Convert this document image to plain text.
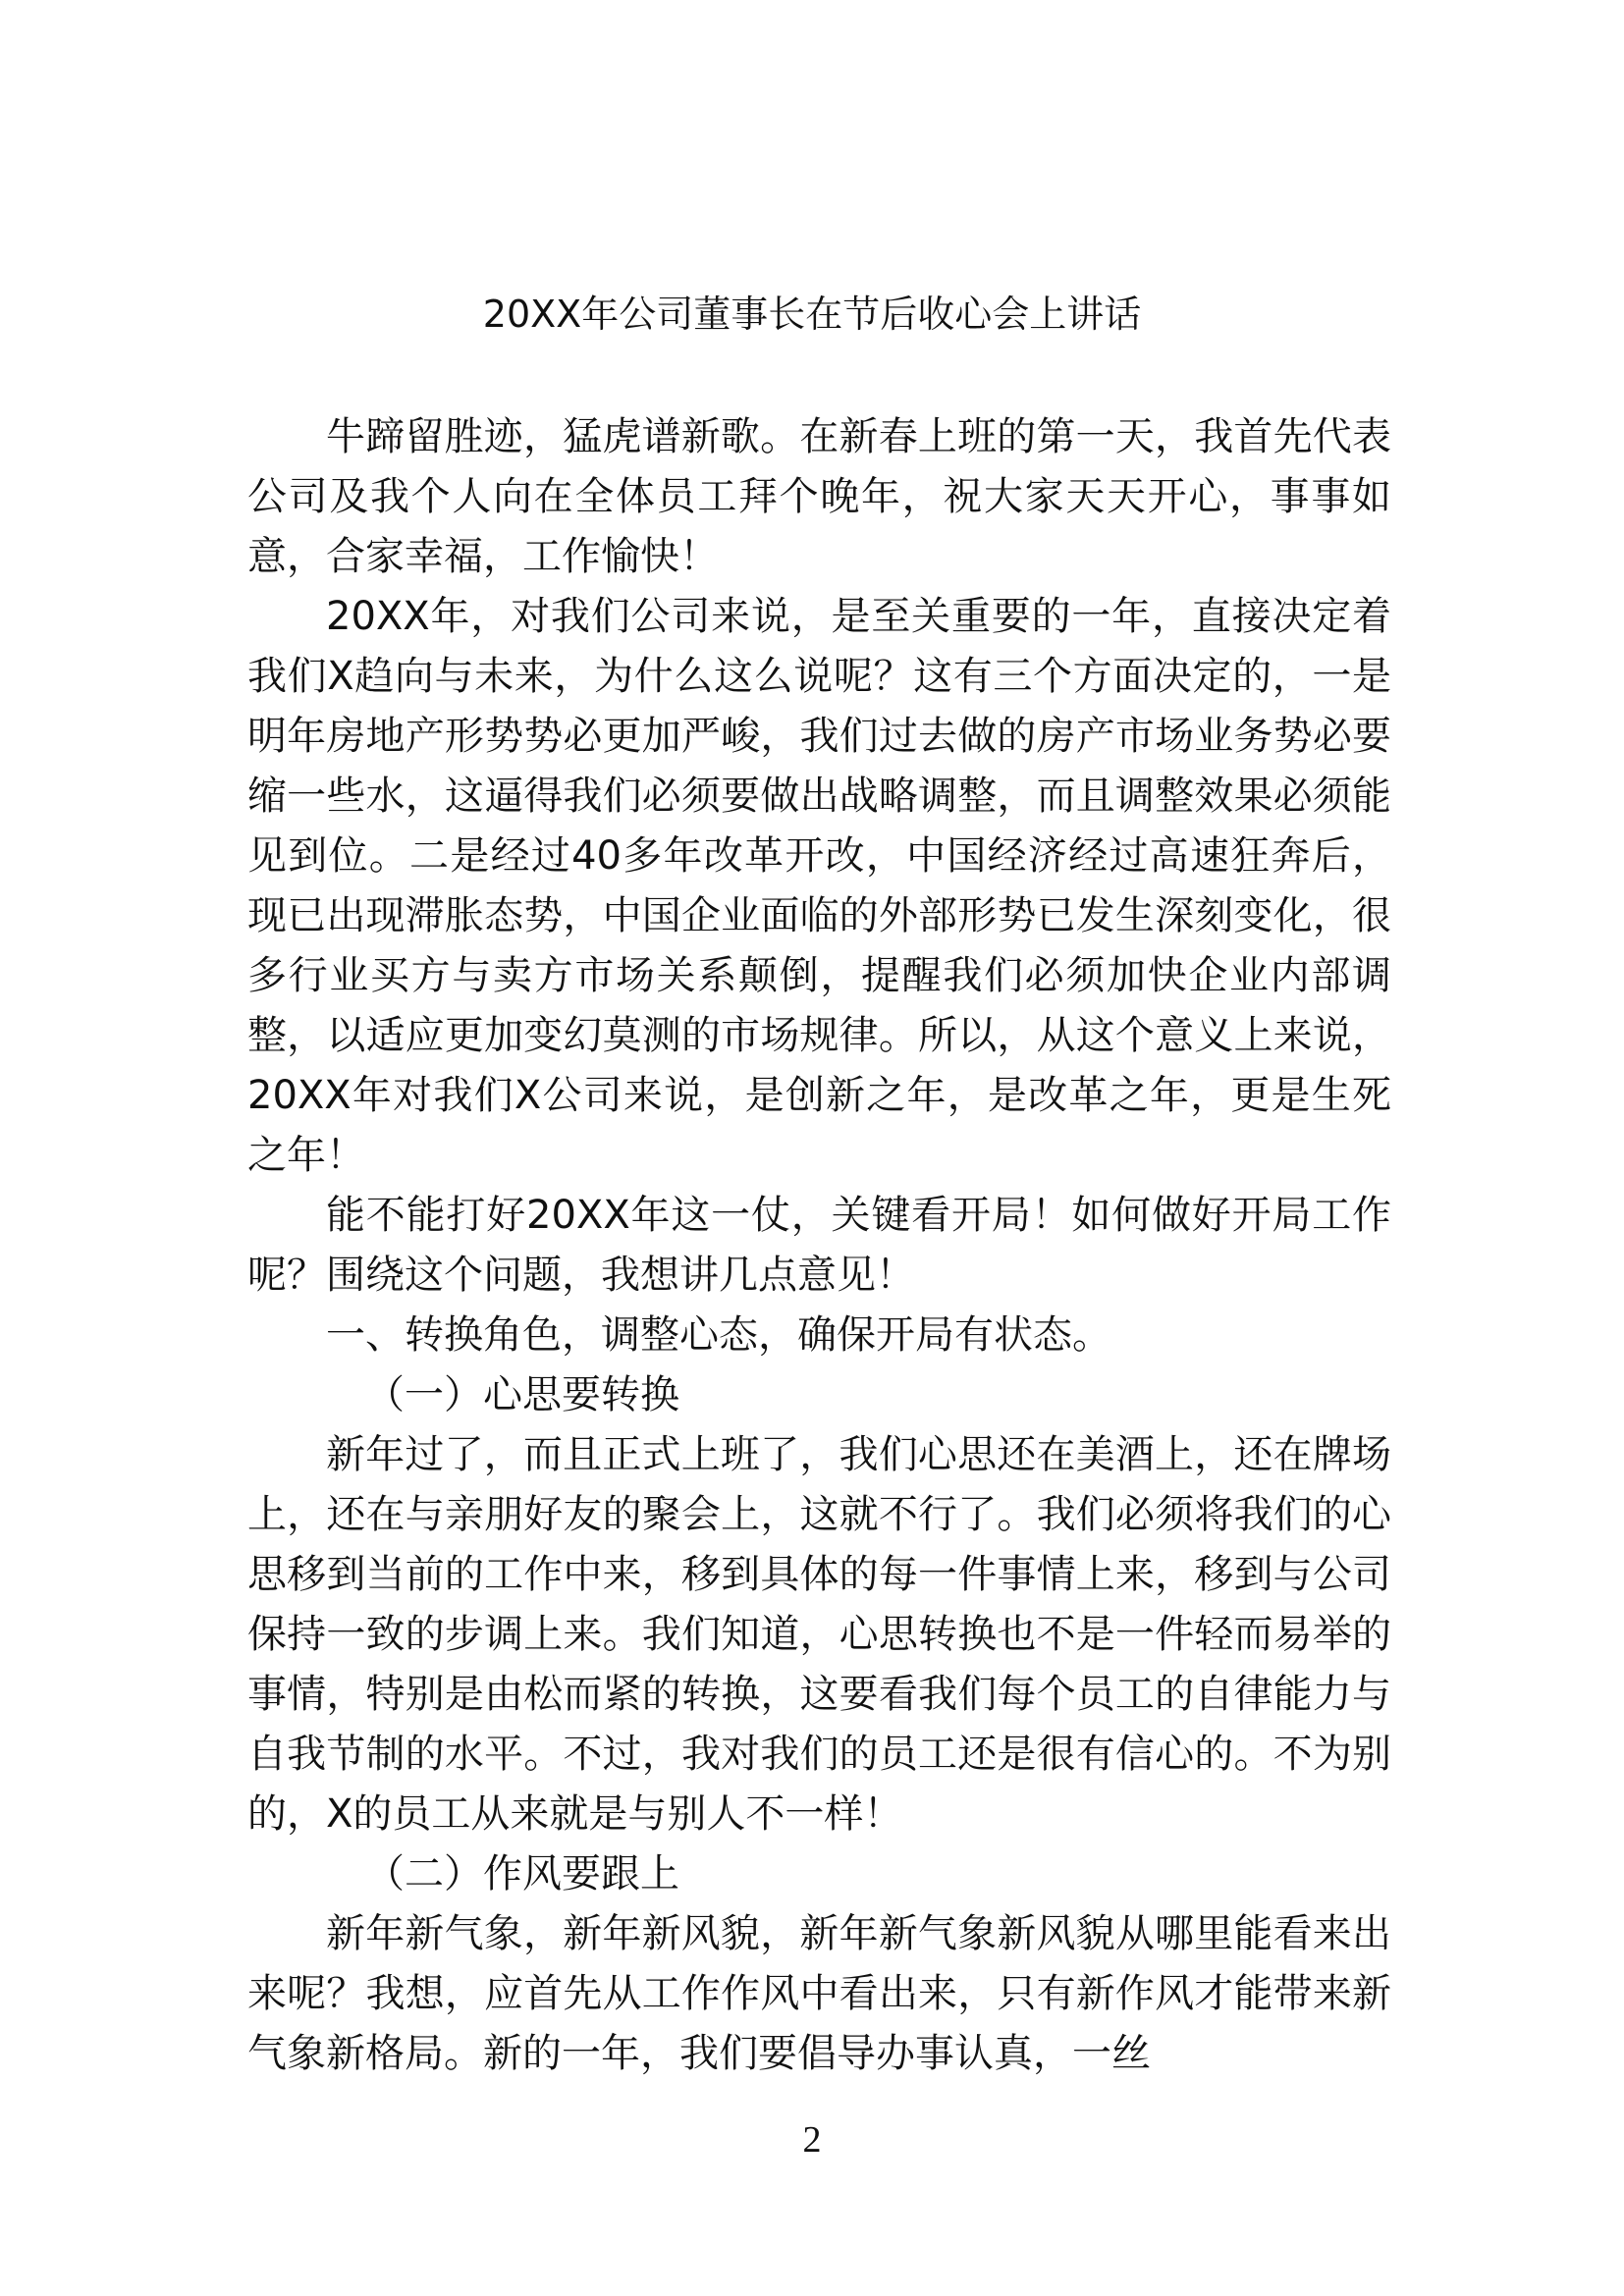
20XX年公司董事长在节后收心会上讲话

牛蹄留胜迹，猛虎谱新歌。在新春上班的第一天，我首先代表公司及我个人向在全体员工拜个晚年，祝大家天天开心，事事如意，合家幸福，工作愉快！

20XX年，对我们公司来说，是至关重要的一年，直接决定着我们X趋向与未来，为什么这么说呢？这有三个方面决定的，一是明年房地产形势势必更加严峻，我们过去做的房产市场业务势必要缩一些水，这逼得我们必须要做出战略调整，而且调整效果必须能见到位。二是经过40多年改革开改，中国经济经过高速狂奔后，现已出现滞胀态势，中国企业面临的外部形势已发生深刻变化，很多行业买方与卖方市场关系颠倒，提醒我们必须加快企业内部调整，以适应更加变幻莫测的市场规律。所以，从这个意义上来说，20XX年对我们X公司来说，是创新之年，是改革之年，更是生死之年！

能不能打好20XX年这一仗，关键看开局！如何做好开局工作呢？围绕这个问题，我想讲几点意见！

一、转换角色，调整心态，确保开局有状态。

（一）心思要转换

新年过了，而且正式上班了，我们心思还在美酒上，还在牌场上，还在与亲朋好友的聚会上，这就不行了。我们必须将我们的心思移到当前的工作中来，移到具体的每一件事情上来，移到与公司保持一致的步调上来。我们知道，心思转换也不是一件轻而易举的事情，特别是由松而紧的转换，这要看我们每个员工的自律能力与自我节制的水平。不过，我对我们的员工还是很有信心的。不为别的，X的员工从来就是与别人不一样！

（二）作风要跟上

新年新气象，新年新风貌，新年新气象新风貌从哪里能看来出来呢？我想，应首先从工作作风中看出来，只有新作风才能带来新气象新格局。新的一年，我们要倡导办事认真，一丝

2
